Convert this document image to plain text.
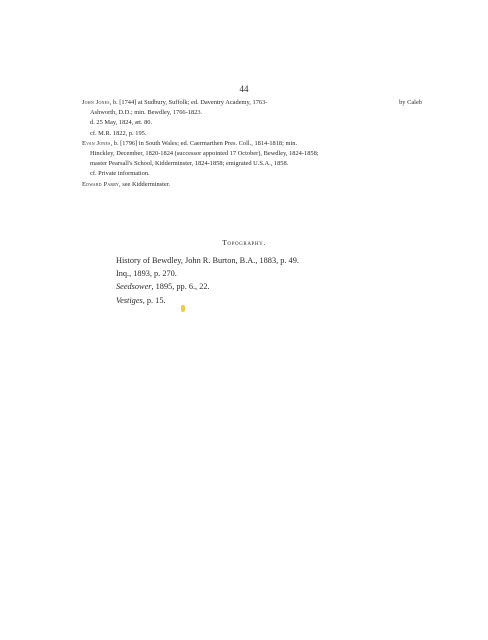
44

John Jones, b. [1744] at Sudbury, Suffolk; ed. Daventry Academy, 1763-	by Caleb
Ashworth, D.D.; min. Bewdley, 1766-1823.
d. 25 May, 1824, æt. 80.
cf. M.R. 1822, p. 195.

Evan Jones, b. [1796] in South Wales; ed. Caermarthen Pres. Coll., 1814-1818; min.
Hinckley, December, 1820-1824 (successor appointed 17 October), Bewdley, 1824-1858;
master Pearsall's School, Kidderminster, 1824-1858; emigrated U.S.A., 1858.
cf. Private information.

Edward Parry, see Kidderminster.

Topography.
History of Bewdley, John R. Burton, B.A., 1883, p. 49.
Inq., 1893, p. 270.
Seedsower, 1895, pp. 6., 22.
Vestiges, p. 15.
